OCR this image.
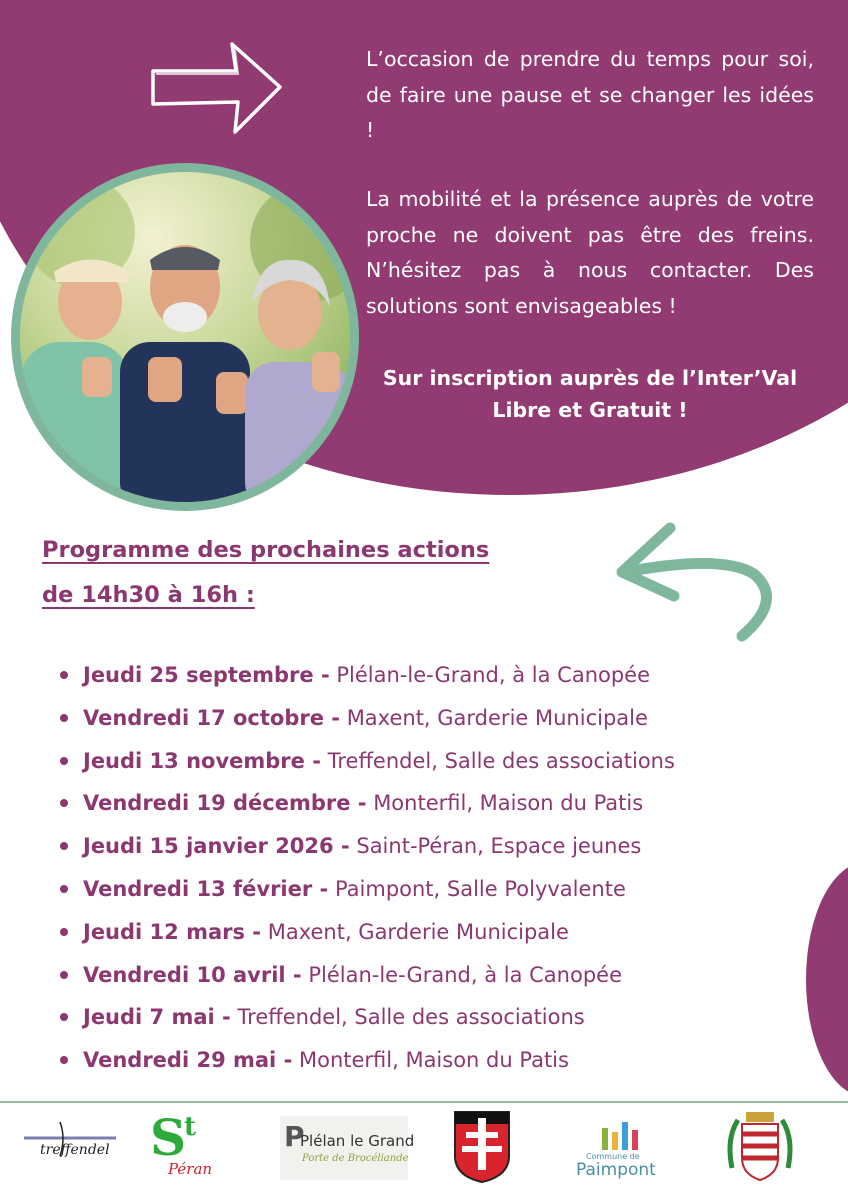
L’occasion de prendre du temps pour soi, de faire une pause et se changer les idées !

La mobilité et la présence auprès de votre proche ne doivent pas être des freins. N’hésitez pas à nous contacter. Des solutions sont envisageables !

Sur inscription auprès de l’Inter’Val

Libre et Gratuit !

Programme des prochaines actions

de 14h30 à 16h :

Jeudi 25 septembre - Plélan-le-Grand, à la Canopée
Vendredi 17 octobre - Maxent, Garderie Municipale
Jeudi 13 novembre - Treffendel, Salle des associations
Vendredi 19 décembre - Monterfil, Maison du Patis
Jeudi 15 janvier 2026 - Saint-Péran, Espace jeunes
Vendredi 13 février - Paimpont, Salle Polyvalente
Jeudi 12 mars - Maxent, Garderie Municipale
Vendredi 10 avril - Plélan-le-Grand, à la Canopée
Jeudi 7 mai - Treffendel, Salle des associations
Vendredi 29 mai - Monterfil, Maison du Patis
treffendel S
t
Péran
P
Plélan le Grand
Porte de Brocéliande	Commune de
Paimpont
